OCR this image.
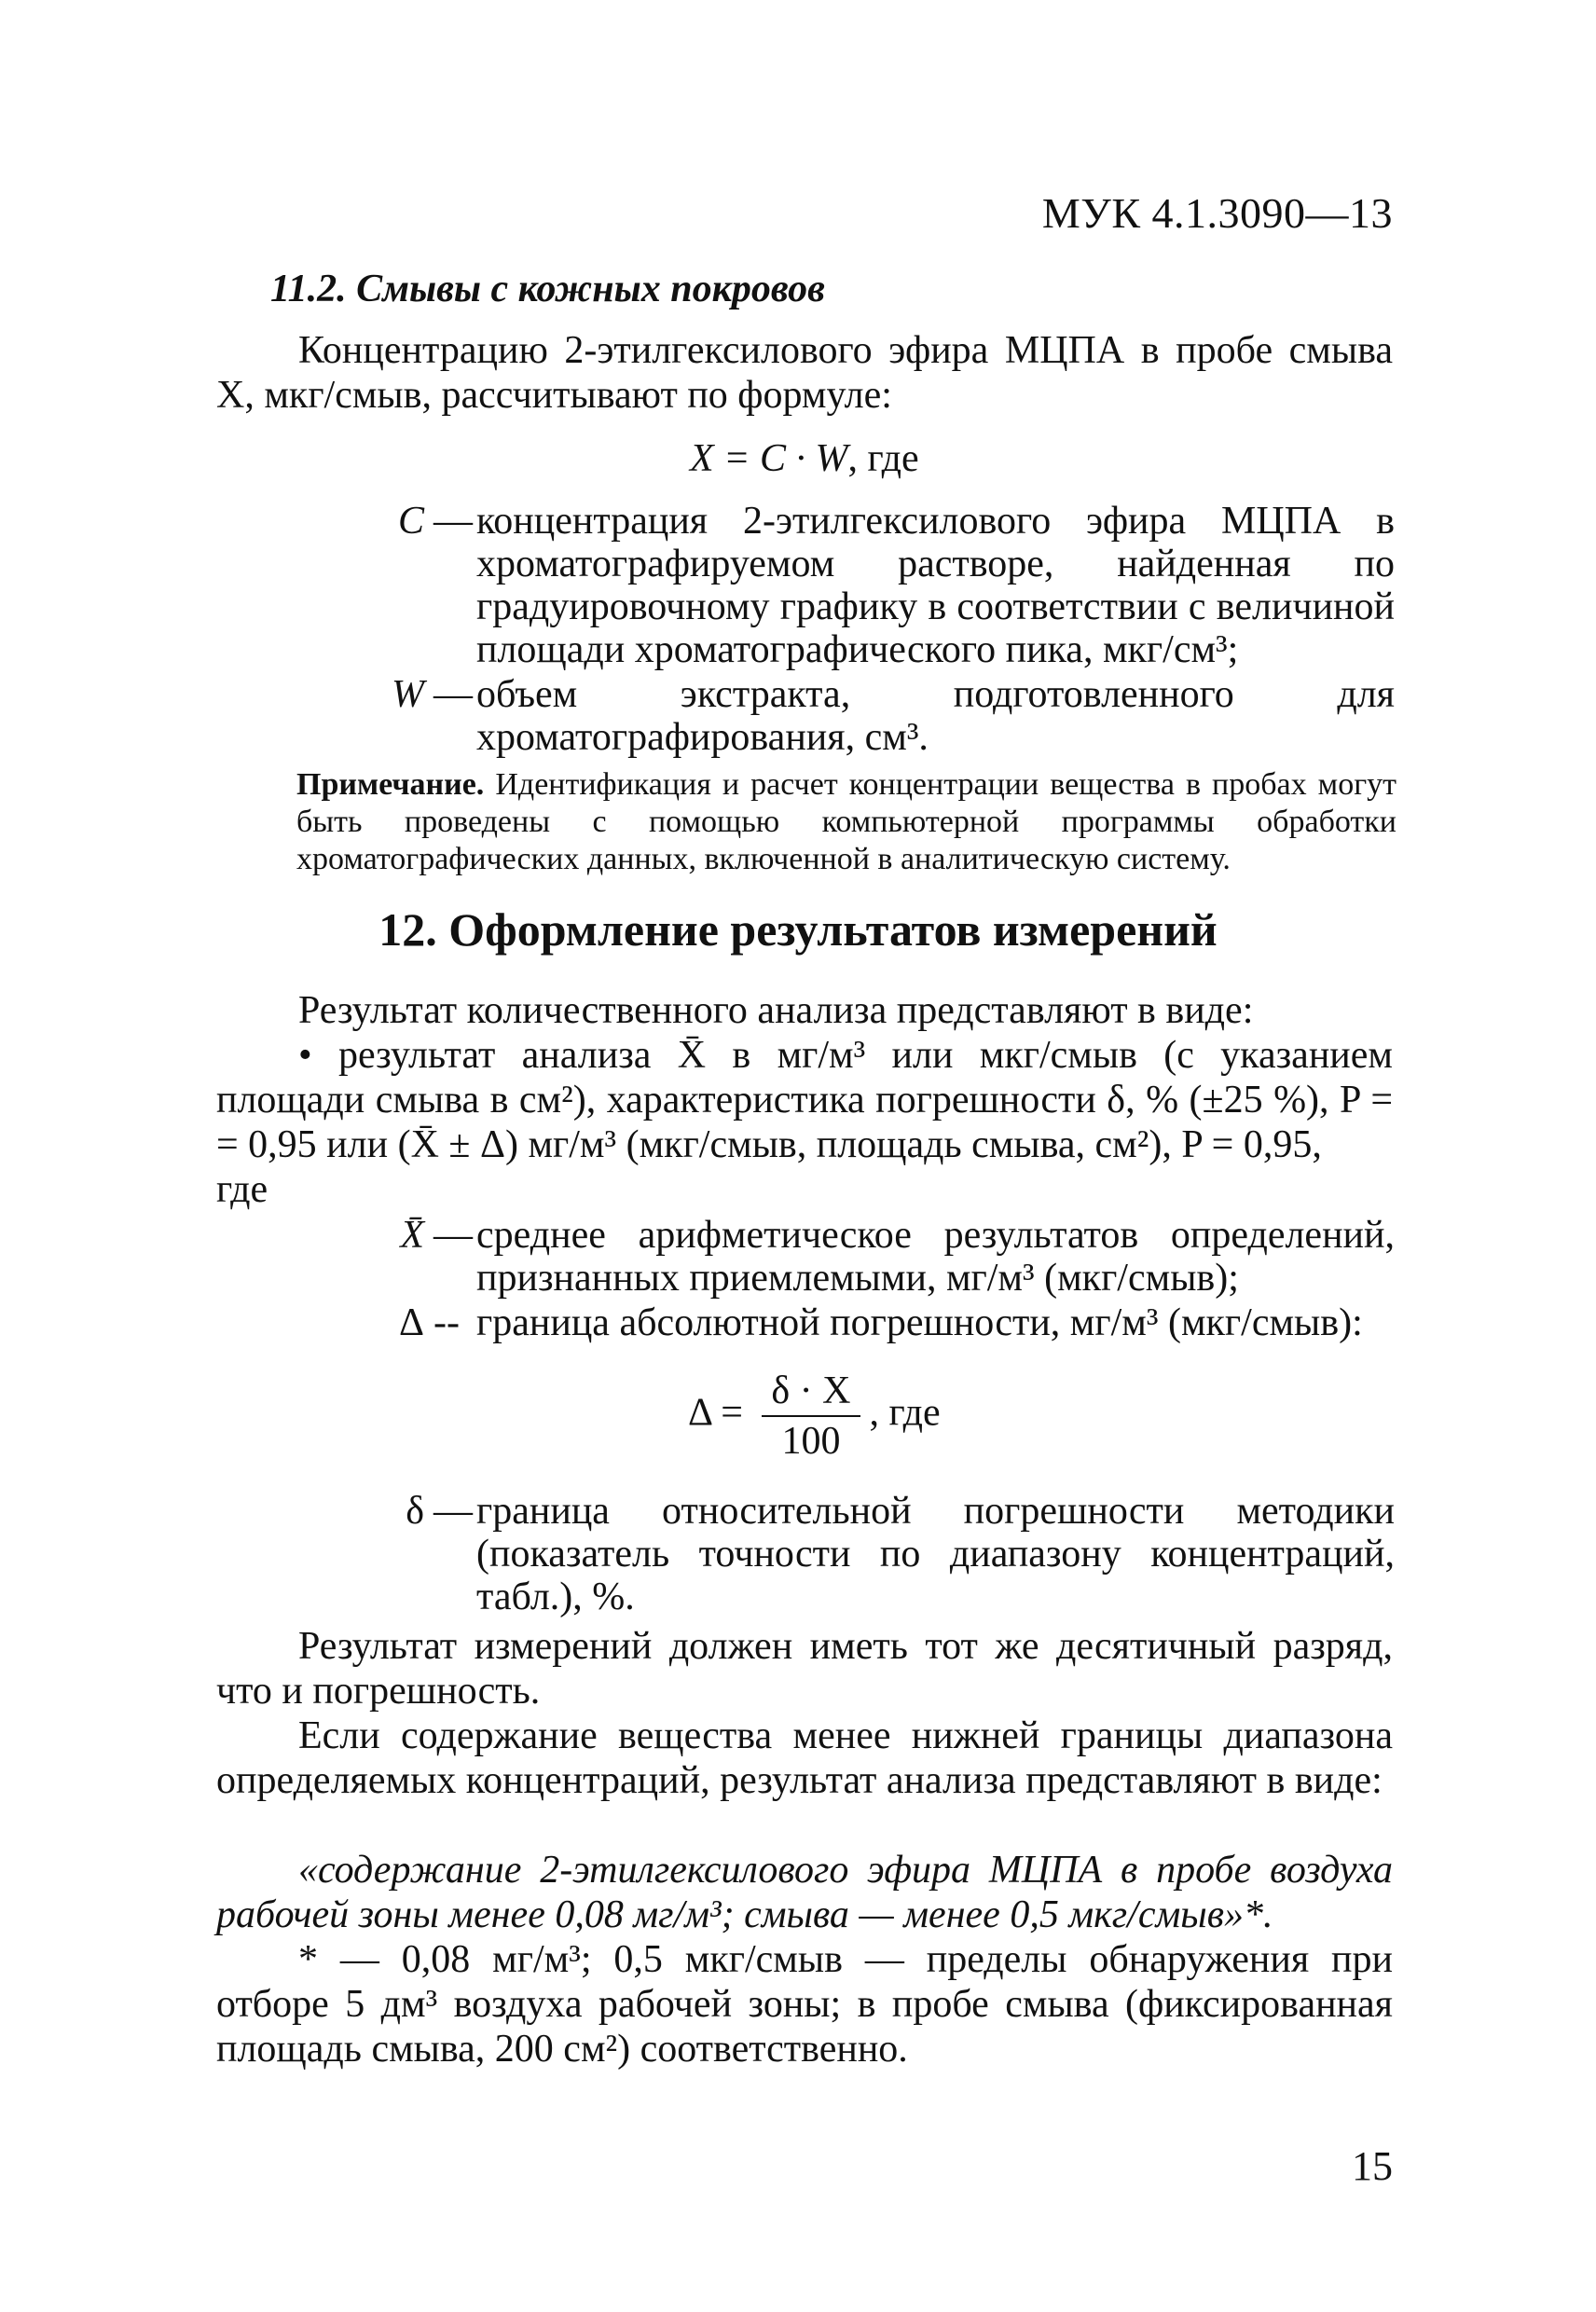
МУК 4.1.3090—13
11.2. Смывы с кожных покровов

Концентрацию 2-этилгексилового эфира МЦПА в пробе смыва X, мкг/смыв, рассчитывают по формуле:

X = C · W, где
C — концентрация 2-этилгексилового эфира МЦПА в хроматографируемом растворе, найденная по градуировочному графику в соответствии с величиной площади хроматографического пика, мкг/см³;
W — объем экстракта, подготовленного для хроматографирования, см³.

Примечание. Идентификация и расчет концентрации вещества в пробах могут быть проведены с помощью компьютерной программы обработки хроматографических данных, включенной в аналитическую систему.

12. Оформление результатов измерений

Результат количественного анализа представляют в виде:

• результат анализа X̄ в мг/м³ или мкг/смыв (с указанием площади смыва в см²), характеристика погрешности δ, % (±25 %), P = = 0,95 или (X̄ ± Δ) мг/м³ (мкг/смыв, площадь смыва, см²), P = 0,95,

где
X̄ — среднее арифметическое результатов определений, признанных приемлемыми, мг/м³ (мкг/смыв);
Δ -- граница абсолютной погрешности, мг/м³ (мкг/смыв):
$\Delta = \frac{\delta \cdot X}{100}$ , где
δ — граница относительной погрешности методики (показатель точности по диапазону концентраций, табл.), %.

Результат измерений должен иметь тот же десятичный разряд, что и погрешность.

Если содержание вещества менее нижней границы диапазона определяемых концентраций, результат анализа представляют в виде:

«содержание 2-этилгексилового эфира МЦПА в пробе воздуха рабочей зоны менее 0,08 мг/м³; смыва — менее 0,5 мкг/смыв»*.

* — 0,08 мг/м³; 0,5 мкг/смыв — пределы обнаружения при отборе 5 дм³ воздуха рабочей зоны; в пробе смыва (фиксированная площадь смыва, 200 см²) соответственно.

15
